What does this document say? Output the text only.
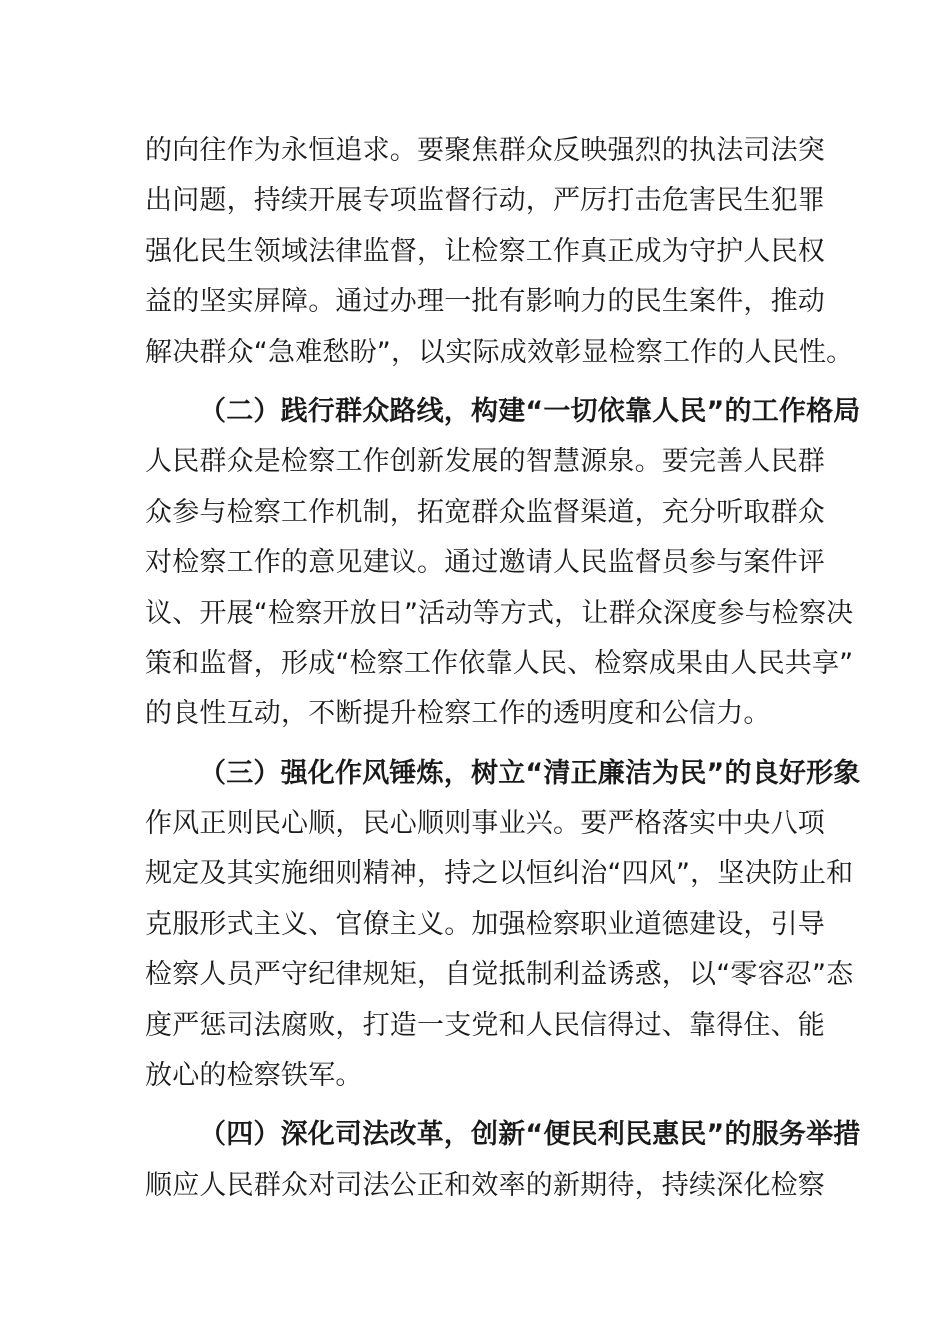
的向往作为永恒追求。要聚焦群众反映强烈的执法司法突
出问题，持续开展专项监督行动，严厉打击危害民生犯罪
强化民生领域法律监督，让检察工作真正成为守护人民权
益的坚实屏障。通过办理一批有影响力的民生案件，推动
解决群众“急难愁盼”，以实际成效彰显检察工作的人民性。
（二）践行群众路线，构建“一切依靠人民”的工作格局
人民群众是检察工作创新发展的智慧源泉。要完善人民群
众参与检察工作机制，拓宽群众监督渠道，充分听取群众
对检察工作的意见建议。通过邀请人民监督员参与案件评
议、开展“检察开放日”活动等方式，让群众深度参与检察决
策和监督，形成“检察工作依靠人民、检察成果由人民共享”
的良性互动，不断提升检察工作的透明度和公信力。
（三）强化作风锤炼，树立“清正廉洁为民”的良好形象
作风正则民心顺，民心顺则事业兴。要严格落实中央八项
规定及其实施细则精神，持之以恒纠治“四风”，坚决防止和
克服形式主义、官僚主义。加强检察职业道德建设，引导
检察人员严守纪律规矩，自觉抵制利益诱惑，以“零容忍”态
度严惩司法腐败，打造一支党和人民信得过、靠得住、能
放心的检察铁军。
（四）深化司法改革，创新“便民利民惠民”的服务举措
顺应人民群众对司法公正和效率的新期待，持续深化检察
